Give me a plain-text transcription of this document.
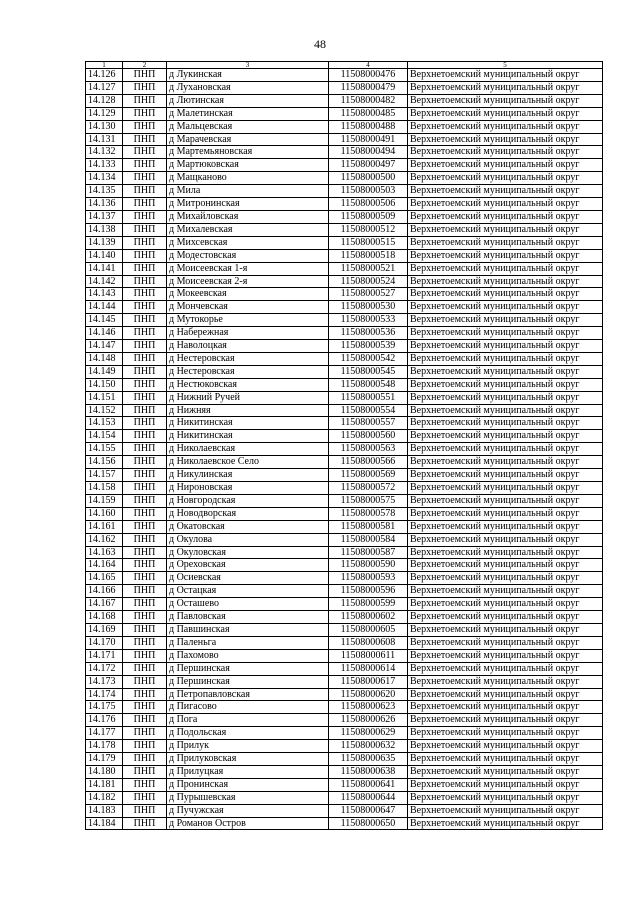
48
1	2	3	4	5
14.126	ПНП	д Лукинская	11508000476	Верхнетоемский муниципальный округ
14.127	ПНП	д Лухановская	11508000479	Верхнетоемский муниципальный округ
14.128	ПНП	д Лютинская	11508000482	Верхнетоемский муниципальный округ
14.129	ПНП	д Малетинская	11508000485	Верхнетоемский муниципальный округ
14.130	ПНП	д Мальцевская	11508000488	Верхнетоемский муниципальный округ
14.131	ПНП	д Марачевская	11508000491	Верхнетоемский муниципальный округ
14.132	ПНП	д Мартемьяновская	11508000494	Верхнетоемский муниципальный округ
14.133	ПНП	д Мартюковская	11508000497	Верхнетоемский муниципальный округ
14.134	ПНП	д Мащканово	11508000500	Верхнетоемский муниципальный округ
14.135	ПНП	д Мила	11508000503	Верхнетоемский муниципальный округ
14.136	ПНП	д Митронинская	11508000506	Верхнетоемский муниципальный округ
14.137	ПНП	д Михайловская	11508000509	Верхнетоемский муниципальный округ
14.138	ПНП	д Михалевская	11508000512	Верхнетоемский муниципальный округ
14.139	ПНП	д Михсевская	11508000515	Верхнетоемский муниципальный округ
14.140	ПНП	д Модестовская	11508000518	Верхнетоемский муниципальный округ
14.141	ПНП	д Моисеевская 1-я	11508000521	Верхнетоемский муниципальный округ
14.142	ПНП	д Моисеевская 2-я	11508000524	Верхнетоемский муниципальный округ
14.143	ПНП	д Мокеевская	11508000527	Верхнетоемский муниципальный округ
14.144	ПНП	д Мончевская	11508000530	Верхнетоемский муниципальный округ
14.145	ПНП	д Мутокорье	11508000533	Верхнетоемский муниципальный округ
14.146	ПНП	д Набережная	11508000536	Верхнетоемский муниципальный округ
14.147	ПНП	д Наволоцкая	11508000539	Верхнетоемский муниципальный округ
14.148	ПНП	д Нестеровская	11508000542	Верхнетоемский муниципальный округ
14.149	ПНП	д Нестеровская	11508000545	Верхнетоемский муниципальный округ
14.150	ПНП	д Нестюковская	11508000548	Верхнетоемский муниципальный округ
14.151	ПНП	д Нижний Ручей	11508000551	Верхнетоемский муниципальный округ
14.152	ПНП	д Нижняя	11508000554	Верхнетоемский муниципальный округ
14.153	ПНП	д Никитинская	11508000557	Верхнетоемский муниципальный округ
14.154	ПНП	д Никитинская	11508000560	Верхнетоемский муниципальный округ
14.155	ПНП	д Николаевская	11508000563	Верхнетоемский муниципальный округ
14.156	ПНП	д Николаевское Село	11508000566	Верхнетоемский муниципальный округ
14.157	ПНП	д Никулинская	11508000569	Верхнетоемский муниципальный округ
14.158	ПНП	д Нироновская	11508000572	Верхнетоемский муниципальный округ
14.159	ПНП	д Новгородская	11508000575	Верхнетоемский муниципальный округ
14.160	ПНП	д Новодворская	11508000578	Верхнетоемский муниципальный округ
14.161	ПНП	д Окатовская	11508000581	Верхнетоемский муниципальный округ
14.162	ПНП	д Окулова	11508000584	Верхнетоемский муниципальный округ
14.163	ПНП	д Окуловская	11508000587	Верхнетоемский муниципальный округ
14.164	ПНП	д Ореховская	11508000590	Верхнетоемский муниципальный округ
14.165	ПНП	д Осиевская	11508000593	Верхнетоемский муниципальный округ
14.166	ПНП	д Остацкая	11508000596	Верхнетоемский муниципальный округ
14.167	ПНП	д Осташево	11508000599	Верхнетоемский муниципальный округ
14.168	ПНП	д Павловская	11508000602	Верхнетоемский муниципальный округ
14.169	ПНП	д Павшинская	11508000605	Верхнетоемский муниципальный округ
14.170	ПНП	д Паленьга	11508000608	Верхнетоемский муниципальный округ
14.171	ПНП	д Пахомово	11508000611	Верхнетоемский муниципальный округ
14.172	ПНП	д Першинская	11508000614	Верхнетоемский муниципальный округ
14.173	ПНП	д Першинская	11508000617	Верхнетоемский муниципальный округ
14.174	ПНП	д Петропавловская	11508000620	Верхнетоемский муниципальный округ
14.175	ПНП	д Пигасово	11508000623	Верхнетоемский муниципальный округ
14.176	ПНП	д Пога	11508000626	Верхнетоемский муниципальный округ
14.177	ПНП	д Подольская	11508000629	Верхнетоемский муниципальный округ
14.178	ПНП	д Прилук	11508000632	Верхнетоемский муниципальный округ
14.179	ПНП	д Прилуковская	11508000635	Верхнетоемский муниципальный округ
14.180	ПНП	д Прилуцкая	11508000638	Верхнетоемский муниципальный округ
14.181	ПНП	д Пронинская	11508000641	Верхнетоемский муниципальный округ
14.182	ПНП	д Пурышевская	11508000644	Верхнетоемский муниципальный округ
14.183	ПНП	д Пучужская	11508000647	Верхнетоемский муниципальный округ
14.184	ПНП	д Романов Остров	11508000650	Верхнетоемский муниципальный округ
